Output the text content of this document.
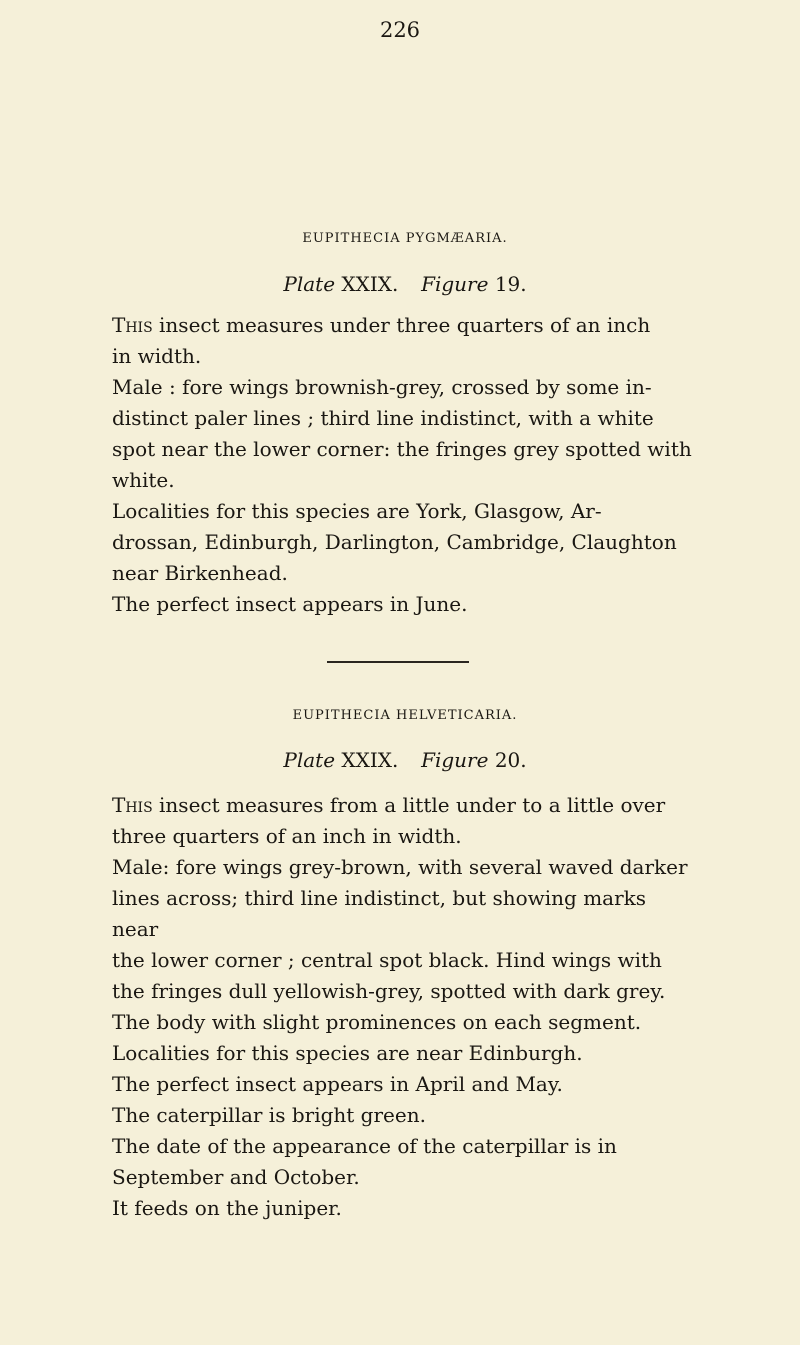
226
EUPITHECIA PYGMÆARIA.
Plate XXIX. Figure 19.

This insect measures under three quarters of an inch

in width.

Male : fore wings brownish-grey, crossed by some in-

distinct paler lines ; third line indistinct, with a white

spot near the lower corner: the fringes grey spotted with

white.

Localities for this species are York, Glasgow, Ar-

drossan, Edinburgh, Darlington, Cambridge, Claughton

near Birkenhead.

The perfect insect appears in June.

EUPITHECIA HELVETICARIA.
Plate XXIX. Figure 20.

This insect measures from a little under to a little over

three quarters of an inch in width.

Male: fore wings grey-brown, with several waved darker

lines across; third line indistinct, but showing marks near

the lower corner ; central spot black. Hind wings with

the fringes dull yellowish-grey, spotted with dark grey.

The body with slight prominences on each segment.

Localities for this species are near Edinburgh.

The perfect insect appears in April and May.

The caterpillar is bright green.

The date of the appearance of the caterpillar is in

September and October.

It feeds on the juniper.
